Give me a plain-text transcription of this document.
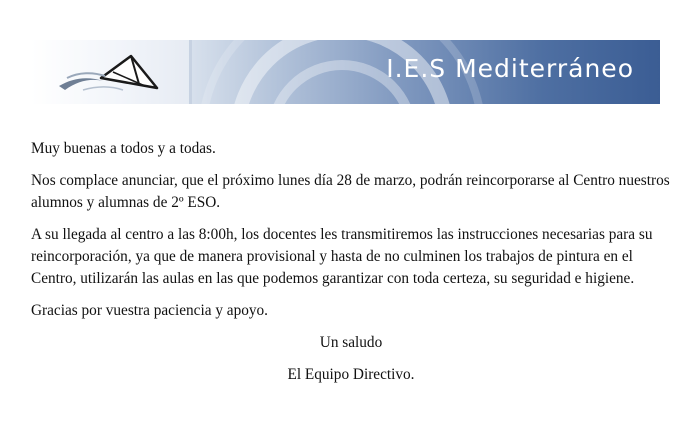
I.E.S Mediterráneo

Muy buenas a todos y a todas.

Nos complace anunciar, que el próximo lunes día 28 de marzo, podrán reincorporarse al Centro nuestros alumnos y alumnas de 2º ESO.

A su llegada al centro a las 8:00h, los docentes les transmitiremos las instrucciones necesarias para su reincorporación, ya que de manera provisional y hasta de no culminen los trabajos de pintura en el Centro, utilizarán las aulas en las que podemos garantizar con toda certeza, su seguridad e higiene.

Gracias por vuestra paciencia y apoyo.

Un saludo

El Equipo Directivo.
